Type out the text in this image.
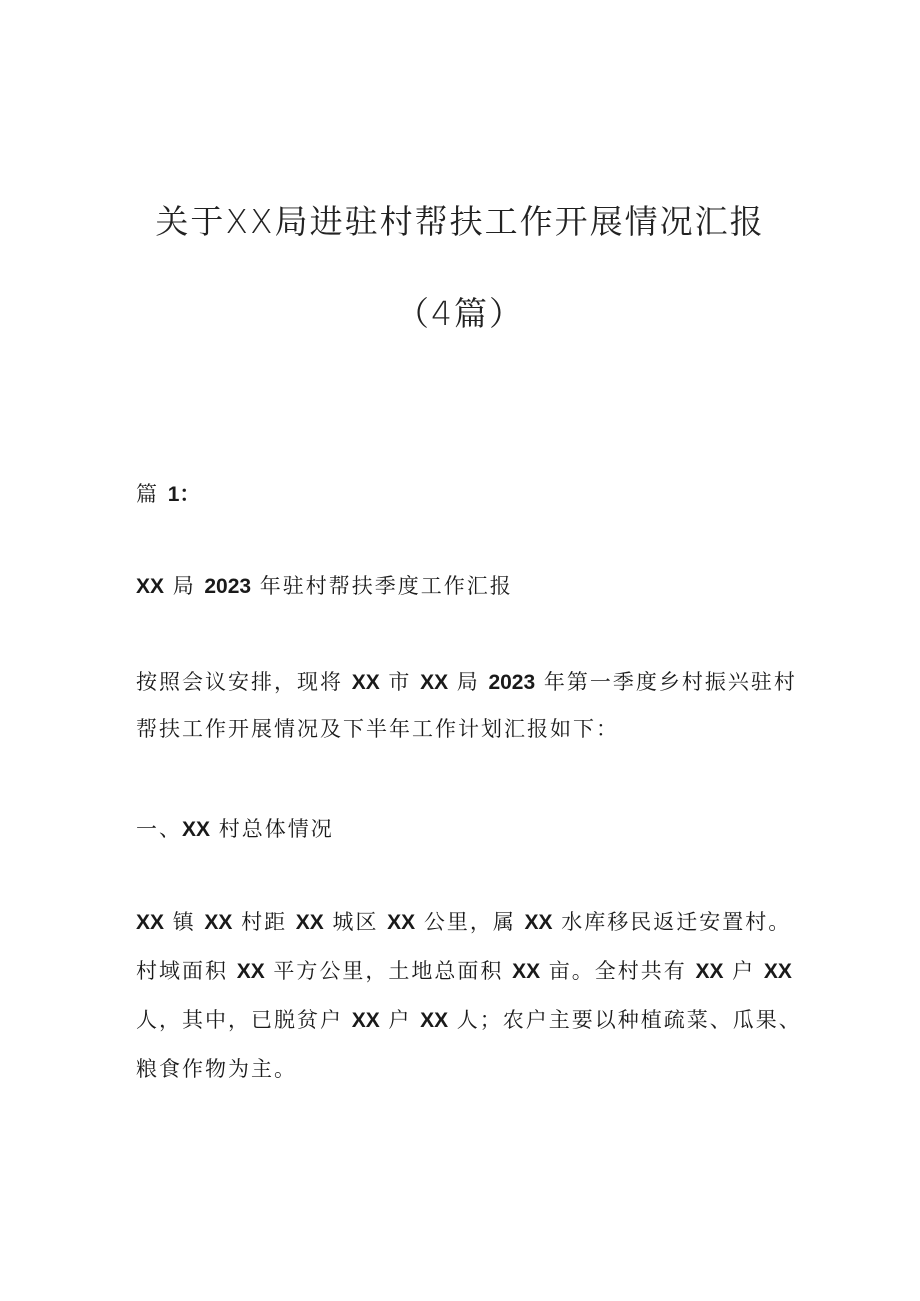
关于XX局进驻村帮扶工作开展情况汇报
（4篇）
篇 1：
XX 局 2023 年驻村帮扶季度工作汇报
按照会议安排，现将 XX 市 XX 局 2023 年第一季度乡村振兴驻村
帮扶工作开展情况及下半年工作计划汇报如下：
一、XX 村总体情况
XX 镇 XX 村距 XX 城区 XX 公里，属 XX 水库移民返迁安置村。
村域面积 XX 平方公里，土地总面积 XX 亩。全村共有 XX 户 XX
人，其中，已脱贫户 XX 户 XX 人；农户主要以种植疏菜、瓜果、
粮食作物为主。
